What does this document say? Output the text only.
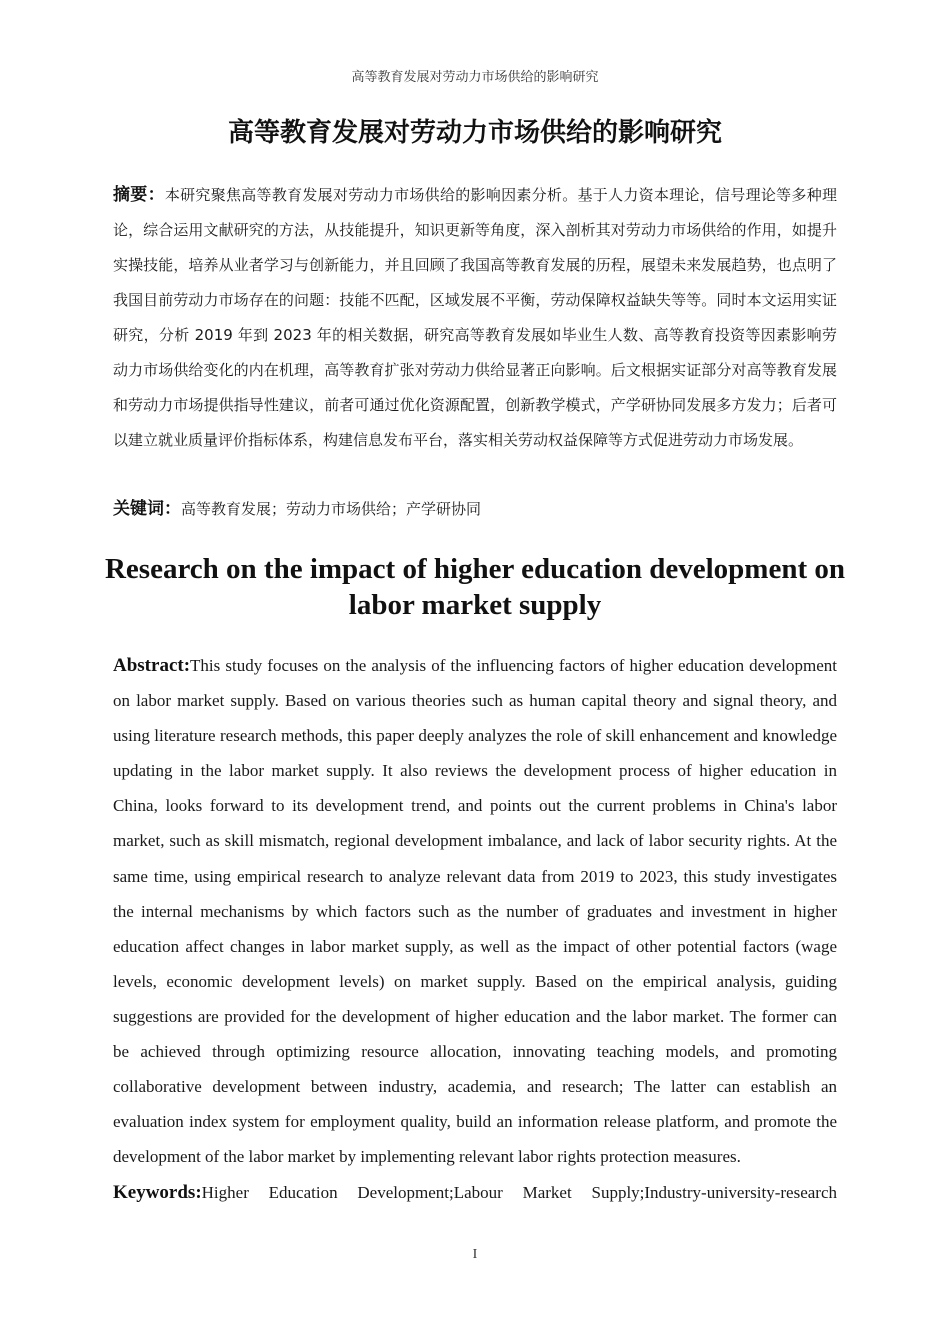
高等教育发展对劳动力市场供给的影响研究
高等教育发展对劳动力市场供给的影响研究
摘要：本研究聚焦高等教育发展对劳动力市场供给的影响因素分析。基于人力资本理论，信号理论等多种理论，综合运用文献研究的方法，从技能提升，知识更新等角度，深入剖析其对劳动力市场供给的作用，如提升实操技能，培养从业者学习与创新能力，并且回顾了我国高等教育发展的历程，展望未来发展趋势，也点明了我国目前劳动力市场存在的问题：技能不匹配，区域发展不平衡，劳动保障权益缺失等等。同时本文运用实证研究，分析 2019 年到 2023 年的相关数据，研究高等教育发展如毕业生人数、高等教育投资等因素影响劳动力市场供给变化的内在机理，高等教育扩张对劳动力供给显著正向影响。后文根据实证部分对高等教育发展和劳动力市场提供指导性建议，前者可通过优化资源配置，创新教学模式，产学研协同发展多方发力；后者可以建立就业质量评价指标体系，构建信息发布平台，落实相关劳动权益保障等方式促进劳动力市场发展。
关键词：高等教育发展；劳动力市场供给；产学研协同
Research on the impact of higher education development on labor market supply
Abstract:This study focuses on the analysis of the influencing factors of higher education development on labor market supply. Based on various theories such as human capital theory and signal theory, and using literature research methods, this paper deeply analyzes the role of skill enhancement and knowledge updating in the labor market supply. It also reviews the development process of higher education in China, looks forward to its development trend, and points out the current problems in China's labor market, such as skill mismatch, regional development imbalance, and lack of labor security rights. At the same time, using empirical research to analyze relevant data from 2019 to 2023, this study investigates the internal mechanisms by which factors such as the number of graduates and investment in higher education affect changes in labor market supply, as well as the impact of other potential factors (wage levels, economic development levels) on market supply. Based on the empirical analysis, guiding suggestions are provided for the development of higher education and the labor market. The former can be achieved through optimizing resource allocation, innovating teaching models, and promoting collaborative development between industry, academia, and research; The latter can establish an evaluation index system for employment quality, build an information release platform, and promote the development of the labor market by implementing relevant labor rights protection measures.
Keywords:Higher Education Development;Labour Market Supply;Industry-university-research
I
